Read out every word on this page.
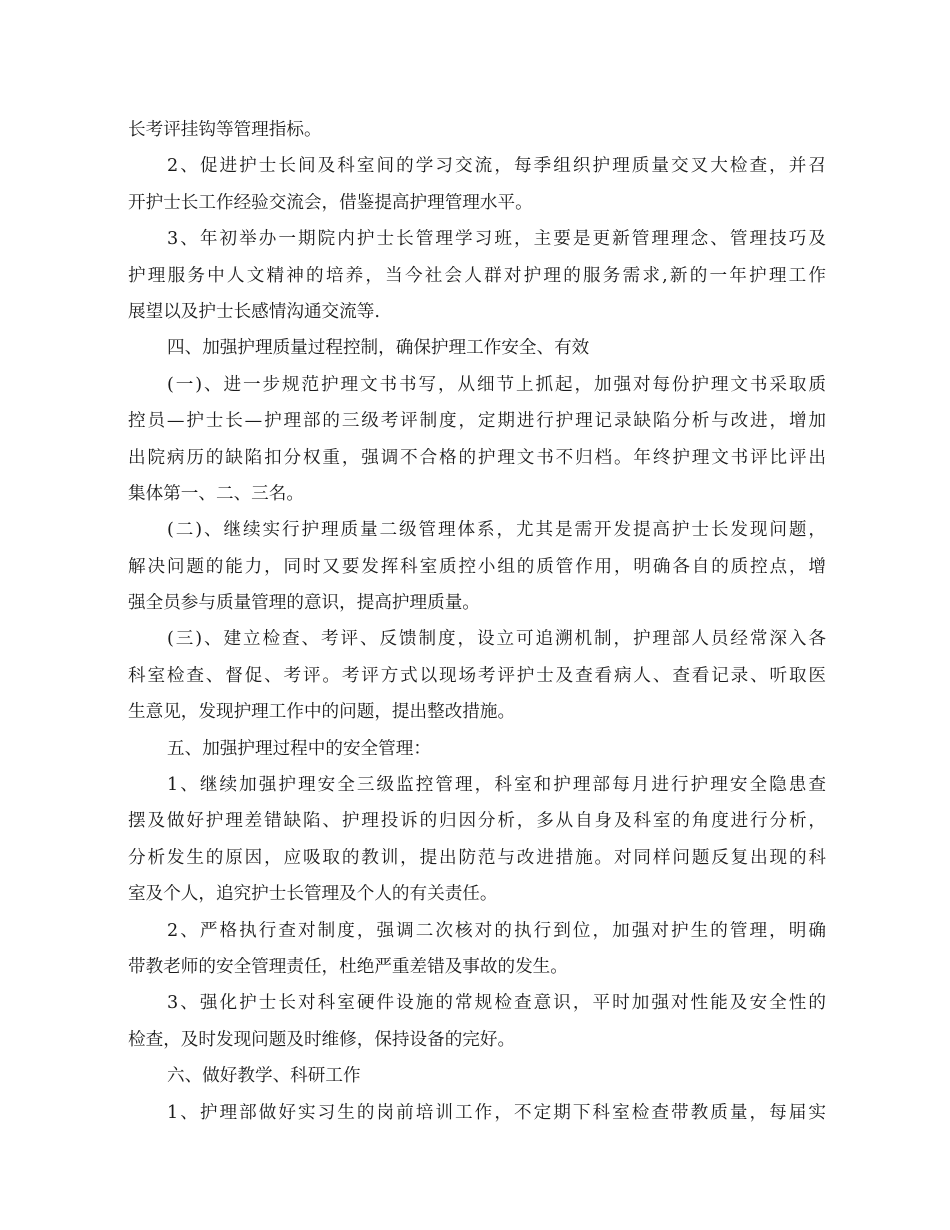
长考评挂钩等管理指标。
2、促进护士长间及科室间的学习交流，每季组织护理质量交叉大检查，并召
开护士长工作经验交流会，借鉴提高护理管理水平。
3、年初举办一期院内护士长管理学习班，主要是更新管理理念、管理技巧及
护理服务中人文精神的培养，当今社会人群对护理的服务需求,新的一年护理工作
展望以及护士长感情沟通交流等.
四、加强护理质量过程控制，确保护理工作安全、有效
(一)、进一步规范护理文书书写，从细节上抓起，加强对每份护理文书采取质
控员—护士长—护理部的三级考评制度，定期进行护理记录缺陷分析与改进，增加
出院病历的缺陷扣分权重，强调不合格的护理文书不归档。年终护理文书评比评出
集体第一、二、三名。
(二)、继续实行护理质量二级管理体系，尤其是需开发提高护士长发现问题，
解决问题的能力，同时又要发挥科室质控小组的质管作用，明确各自的质控点，增
强全员参与质量管理的意识，提高护理质量。
(三)、建立检查、考评、反馈制度，设立可追溯机制，护理部人员经常深入各
科室检查、督促、考评。考评方式以现场考评护士及查看病人、查看记录、听取医
生意见，发现护理工作中的问题，提出整改措施。
五、加强护理过程中的安全管理：
1、继续加强护理安全三级监控管理，科室和护理部每月进行护理安全隐患查
摆及做好护理差错缺陷、护理投诉的归因分析，多从自身及科室的角度进行分析，
分析发生的原因，应吸取的教训，提出防范与改进措施。对同样问题反复出现的科
室及个人，追究护士长管理及个人的有关责任。
2、严格执行查对制度，强调二次核对的执行到位，加强对护生的管理，明确
带教老师的安全管理责任，杜绝严重差错及事故的发生。
3、强化护士长对科室硬件设施的常规检查意识，平时加强对性能及安全性的
检查，及时发现问题及时维修，保持设备的完好。
六、做好教学、科研工作
1、护理部做好实习生的岗前培训工作，不定期下科室检查带教质量，每届实
